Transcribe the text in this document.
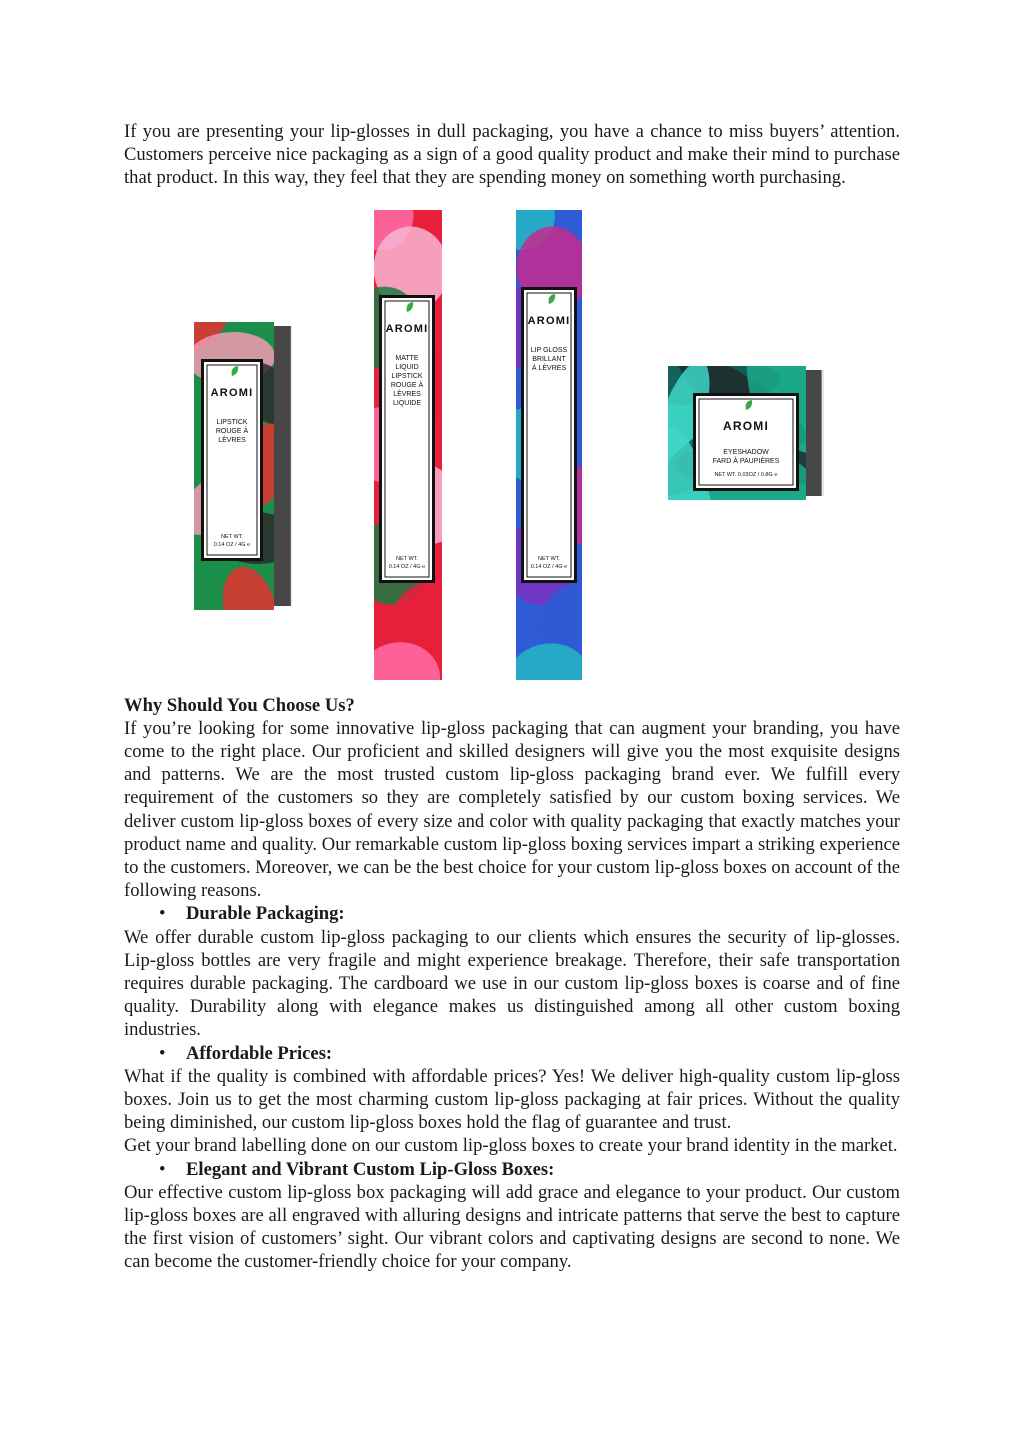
If you are presenting your lip-glosses in dull packaging, you have a chance to miss buyers’ attention. Customers perceive nice packaging as a sign of a good quality product and make their mind to purchase that product. In this way, they feel that they are spending money on something worth purchasing.

AROMI
LIPSTICK
ROUGE À
LÈVRES
NET WT.
0.14 OZ / 4G ℮
AROMI
MATTE
LIQUID
LIPSTICK
ROUGE À
LÈVRES
LIQUIDE
NET WT.
0.14 OZ / 4G ℮
AROMI
LIP GLOSS
BRILLANT
À LÈVRES
NET WT.
0.14 OZ / 4G ℮
AROMI
EYESHADOW
FARD À PAUPIÈRES
NET WT. 0.03OZ / 0.8G ℮
Why Should You Choose Us?

If you’re looking for some innovative lip-gloss packaging that can augment your branding, you have come to the right place. Our proficient and skilled designers will give you the most exquisite designs and patterns. We are the most trusted custom lip-gloss packaging brand ever. We fulfill every requirement of the customers so they are completely satisfied by our custom boxing services. We deliver custom lip-gloss boxes of every size and color with quality packaging that exactly matches your product name and quality. Our remarkable custom lip-gloss boxing services impart a striking experience to the customers. Moreover, we can be the best choice for your custom lip-gloss boxes on account of the following reasons.

• Durable Packaging:

We offer durable custom lip-gloss packaging to our clients which ensures the security of lip-glosses. Lip-gloss bottles are very fragile and might experience breakage. Therefore, their safe transportation requires durable packaging. The cardboard we use in our custom lip-gloss boxes is coarse and of fine quality. Durability along with elegance makes us distinguished among all other custom boxing industries.

• Affordable Prices:

What if the quality is combined with affordable prices? Yes! We deliver high-quality custom lip-gloss boxes. Join us to get the most charming custom lip-gloss packaging at fair prices. Without the quality being diminished, our custom lip-gloss boxes hold the flag of guarantee and trust.

Get your brand labelling done on our custom lip-gloss boxes to create your brand identity in the market.

• Elegant and Vibrant Custom Lip-Gloss Boxes:

Our effective custom lip-gloss box packaging will add grace and elegance to your product. Our custom lip-gloss boxes are all engraved with alluring designs and intricate patterns that serve the best to capture the first vision of customers’ sight. Our vibrant colors and captivating designs are second to none. We can become the customer-friendly choice for your company.
